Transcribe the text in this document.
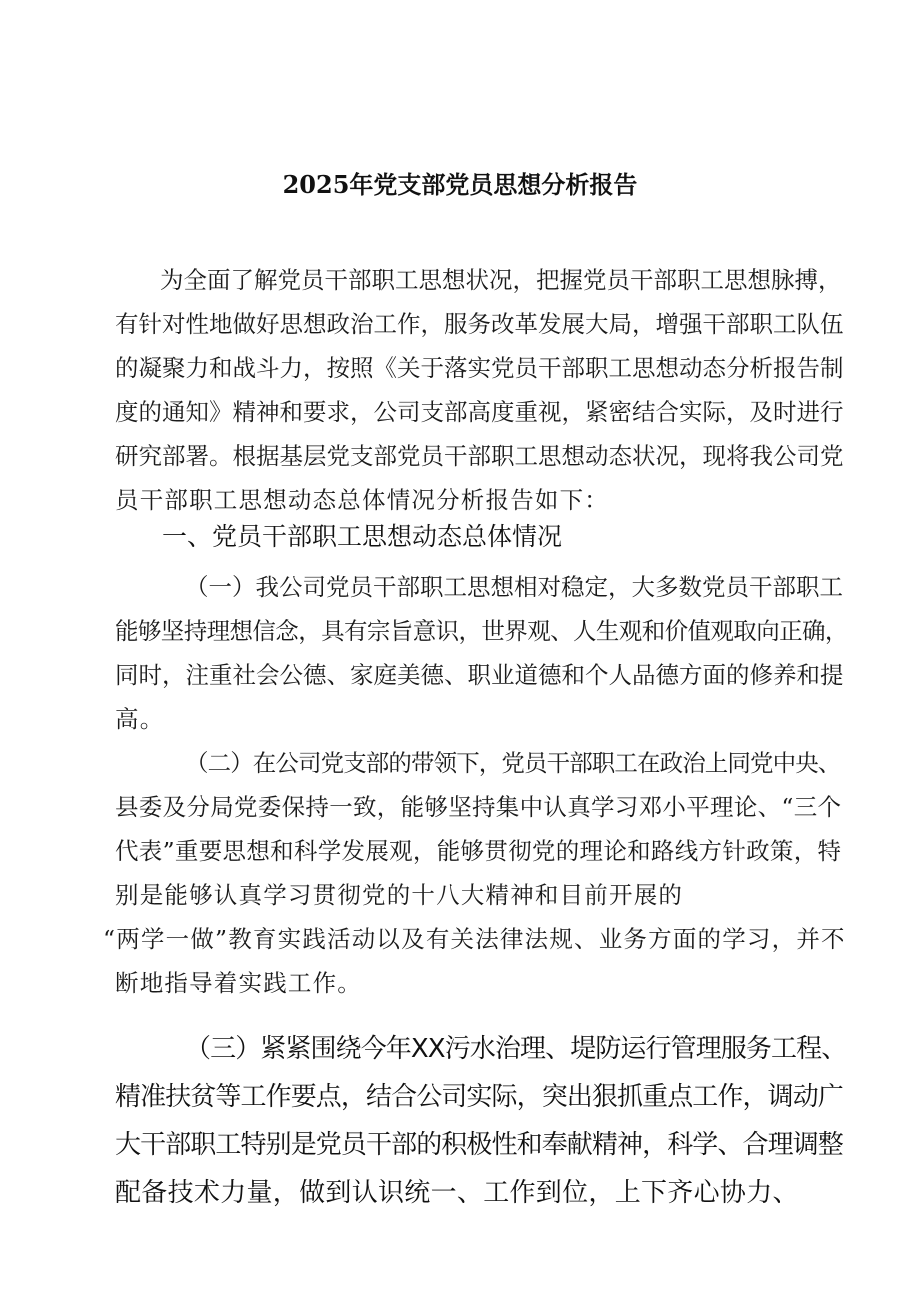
2025年党支部党员思想分析报告
为全面了解党员干部职工思想状况，把握党员干部职工思想脉搏，
有针对性地做好思想政治工作，服务改革发展大局，增强干部职工队伍
的凝聚力和战斗力，按照《关于落实党员干部职工思想动态分析报告制
度的通知》精神和要求，公司支部高度重视，紧密结合实际，及时进行
研究部署。根据基层党支部党员干部职工思想动态状况，现将我公司党
员干部职工思想动态总体情况分析报告如下：
一、党员干部职工思想动态总体情况
（一）我公司党员干部职工思想相对稳定，大多数党员干部职工
能够坚持理想信念，具有宗旨意识，世界观、人生观和价值观取向正确，
同时，注重社会公德、家庭美德、职业道德和个人品德方面的修养和提
高。
（二）在公司党支部的带领下，党员干部职工在政治上同党中央、
县委及分局党委保持一致，能够坚持集中认真学习邓小平理论、“三个
代表”重要思想和科学发展观，能够贯彻党的理论和路线方针政策，特
别是能够认真学习贯彻党的十八大精神和目前开展的
“两学一做”教育实践活动以及有关法律法规、业务方面的学习，并不
断地指导着实践工作。
（三）紧紧围绕今年XX污水治理、堤防运行管理服务工程、
精准扶贫等工作要点，结合公司实际，突出狠抓重点工作，调动广
大干部职工特别是党员干部的积极性和奉献精神，科学、合理调整
配备技术力量，做到认识统一、工作到位，上下齐心协力、
